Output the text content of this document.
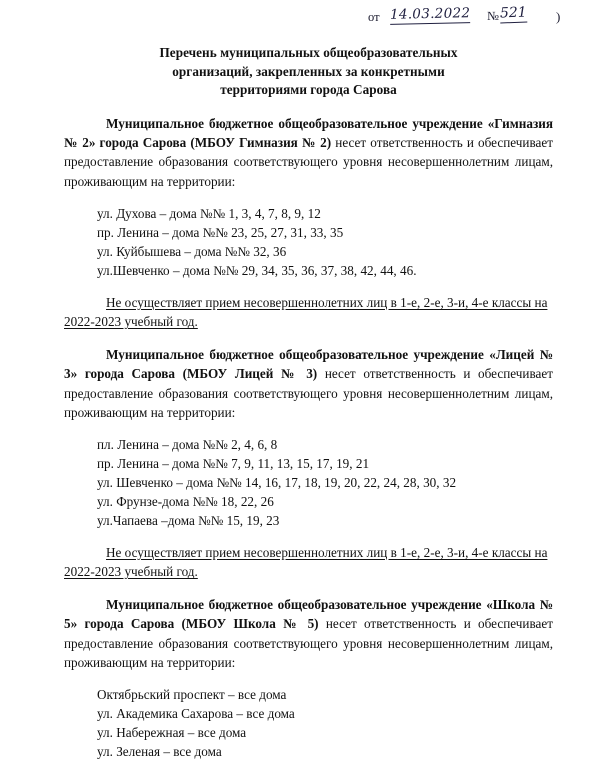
от 14.03.2022 № 521 )
Перечень муниципальных общеобразовательных
организаций, закрепленных за конкретными
территориями города Сарова

Муниципальное бюджетное общеобразовательное учреждение «Гимназия № 2» города Сарова (МБОУ Гимназия № 2) несет ответственность и обеспечивает предоставление образования соответствующего уровня несовершеннолетним лицам, проживающим на территории:

ул. Духова – дома №№ 1, 3, 4, 7, 8, 9, 12
пр. Ленина – дома №№ 23, 25, 27, 31, 33, 35
ул. Куйбышева – дома №№ 32, 36
ул.Шевченко – дома №№ 29, 34, 35, 36, 37, 38, 42, 44, 46.

Не осуществляет прием несовершеннолетних лиц в 1-е, 2-е, 3-и, 4-е классы на
2022-2023 учебный год.

Муниципальное бюджетное общеобразовательное учреждение «Лицей № 3» города Сарова (МБОУ Лицей № 3) несет ответственность и обеспечивает предоставление образования соответствующего уровня несовершеннолетним лицам, проживающим на территории:

пл. Ленина – дома №№ 2, 4, 6, 8
пр. Ленина – дома №№ 7, 9, 11, 13, 15, 17, 19, 21
ул. Шевченко – дома №№ 14, 16, 17, 18, 19, 20, 22, 24, 28, 30, 32
ул. Фрунзе-дома №№ 18, 22, 26
ул.Чапаева –дома №№ 15, 19, 23

Не осуществляет прием несовершеннолетних лиц в 1-е, 2-е, 3-и, 4-е классы на
2022-2023 учебный год.

Муниципальное бюджетное общеобразовательное учреждение «Школа № 5» города Сарова (МБОУ Школа № 5) несет ответственность и обеспечивает предоставление образования соответствующего уровня несовершеннолетним лицам, проживающим на территории:

Октябрьский проспект – все дома
ул. Академика Сахарова – все дома
ул. Набережная – все дома
ул. Зеленая – все дома
